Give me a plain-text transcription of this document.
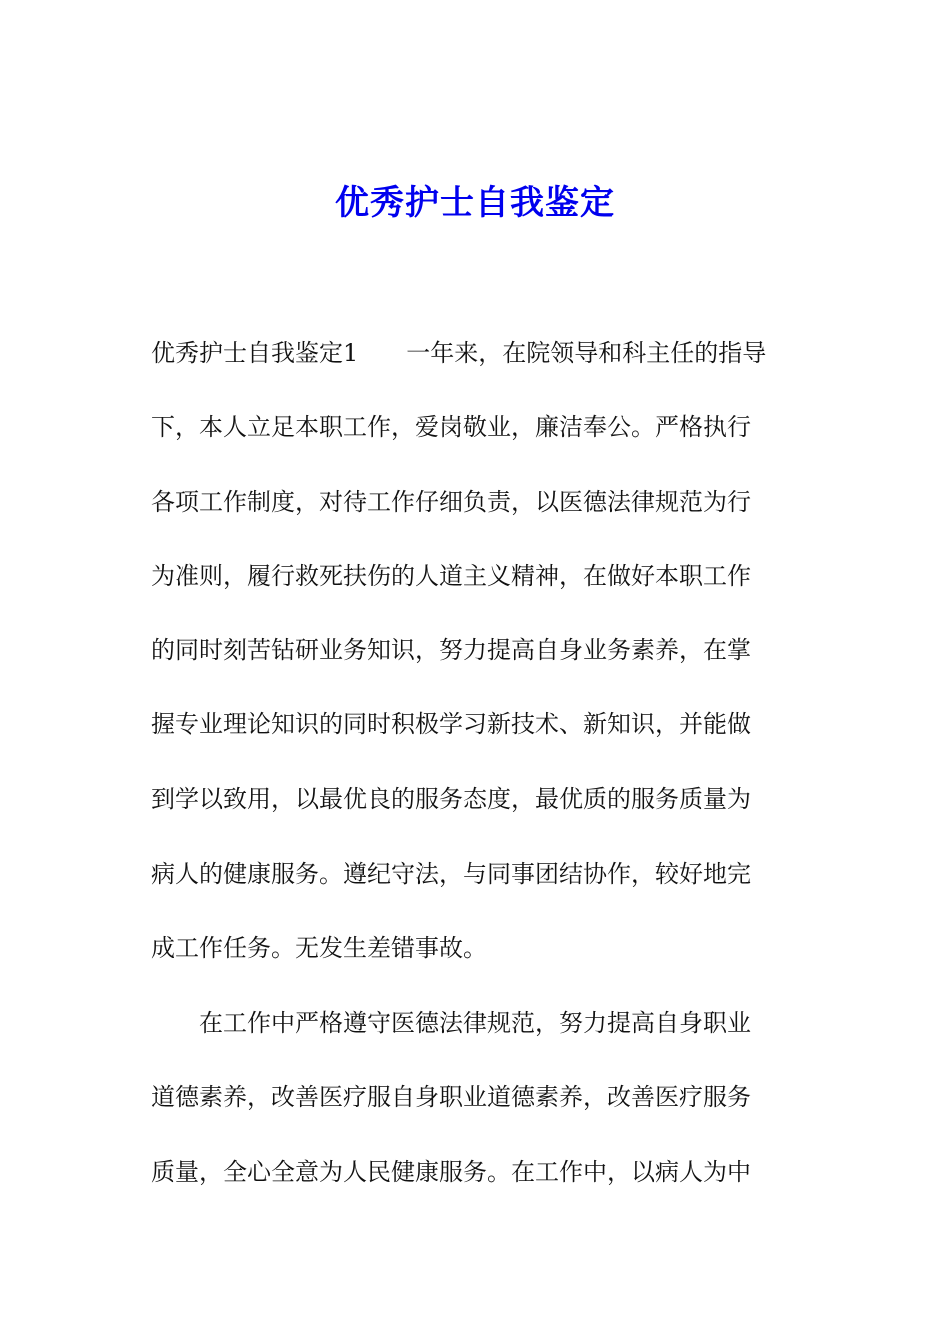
优秀护士自我鉴定
优秀护士自我鉴定1　　一年来，在院领导和科主任的指导
下，本人立足本职工作，爱岗敬业，廉洁奉公。严格执行
各项工作制度，对待工作仔细负责，以医德法律规范为行
为准则，履行救死扶伤的人道主义精神，在做好本职工作
的同时刻苦钻研业务知识，努力提高自身业务素养，在掌
握专业理论知识的同时积极学习新技术、新知识，并能做
到学以致用，以最优良的服务态度，最优质的服务质量为
病人的健康服务。遵纪守法，与同事团结协作，较好地完
成工作任务。无发生差错事故。
在工作中严格遵守医德法律规范，努力提高自身职业
道德素养，改善医疗服自身职业道德素养，改善医疗服务
质量，全心全意为人民健康服务。在工作中，以病人为中
